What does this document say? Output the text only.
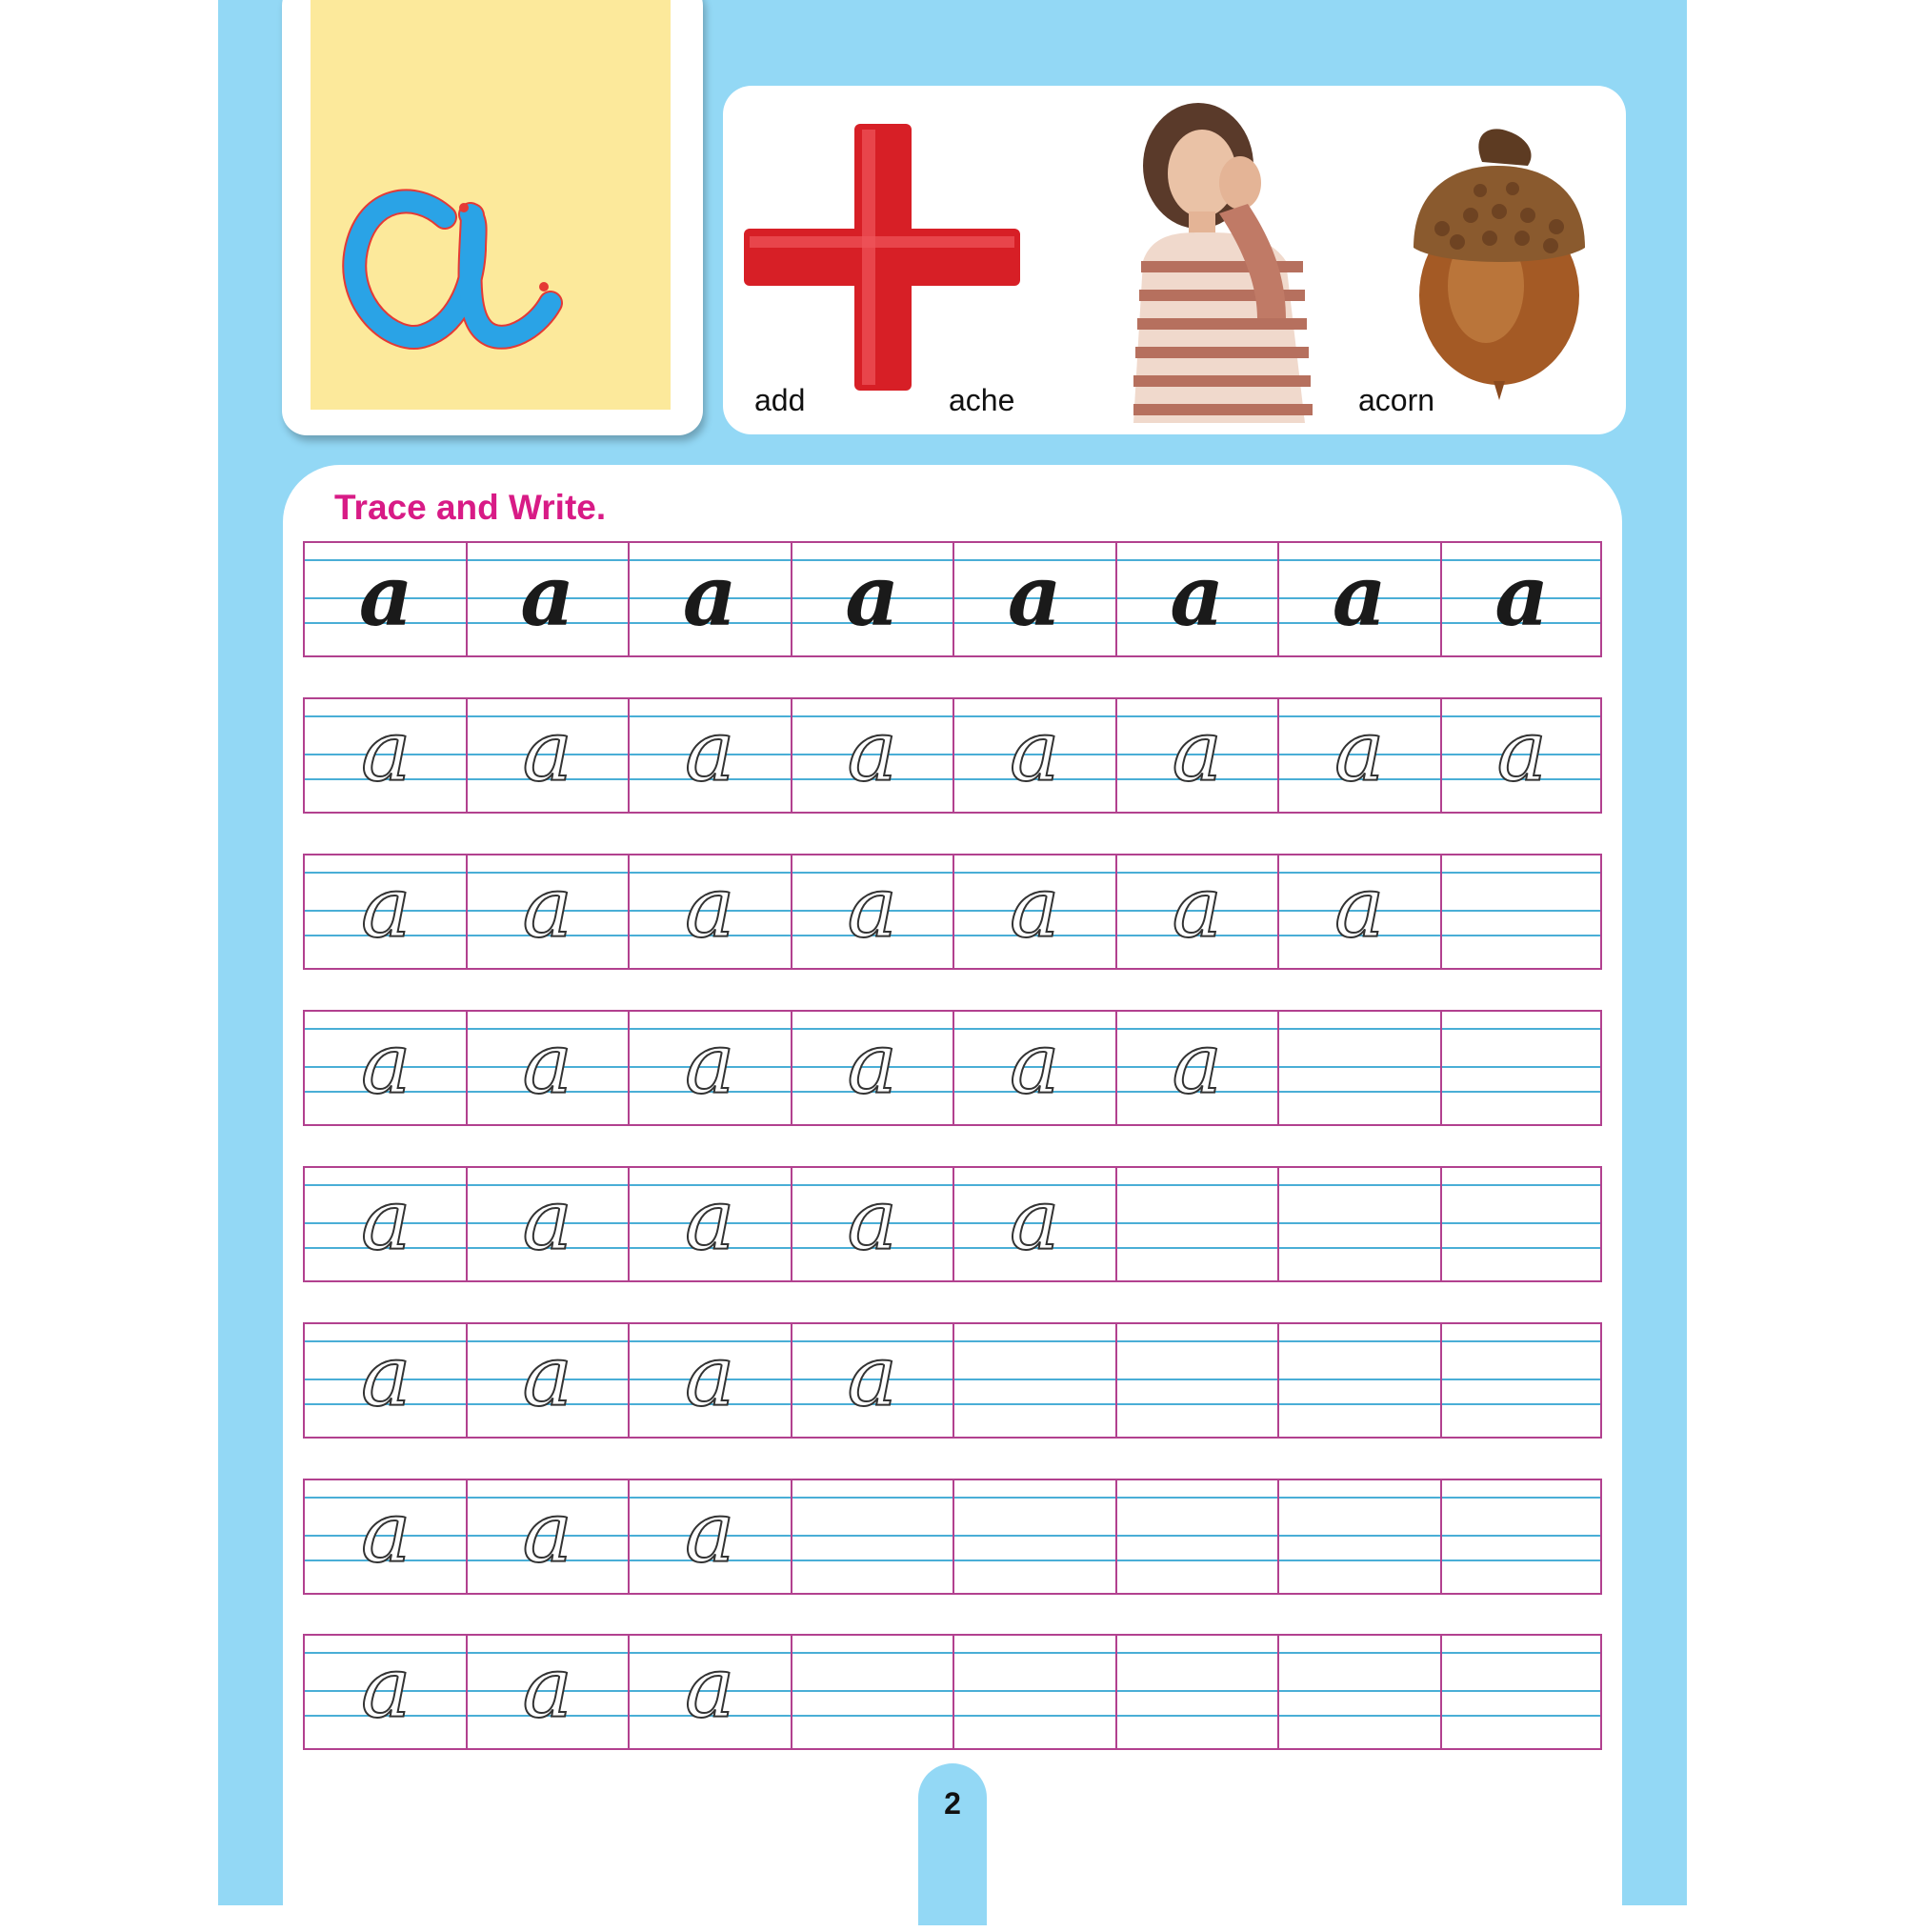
add	ache	acorn
Trace and Write.
a	a	a	a	a	a	a	a
a	a	a	a	a	a	a	a
a	a	a	a	a	a	a
a	a	a	a	a	a
a	a	a	a	a
a	a	a	a
a	a	a
a	a	a
2
